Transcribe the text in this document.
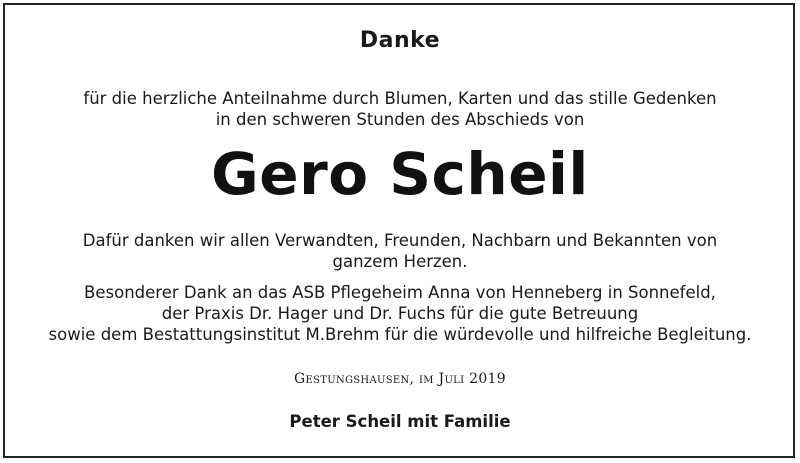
Danke
für die herzliche Anteilnahme durch Blumen, Karten und das stille Gedenken
in den schweren Stunden des Abschieds von
Gero Scheil
Dafür danken wir allen Verwandten, Freunden, Nachbarn und Bekannten von
ganzem Herzen.
Besonderer Dank an das ASB Pflegeheim Anna von Henneberg in Sonnefeld,
der Praxis Dr. Hager und Dr. Fuchs für die gute Betreuung
sowie dem Bestattungsinstitut M.Brehm für die würdevolle und hilfreiche Begleitung.
Gestungshausen, im Juli 2019
Peter Scheil mit Familie
